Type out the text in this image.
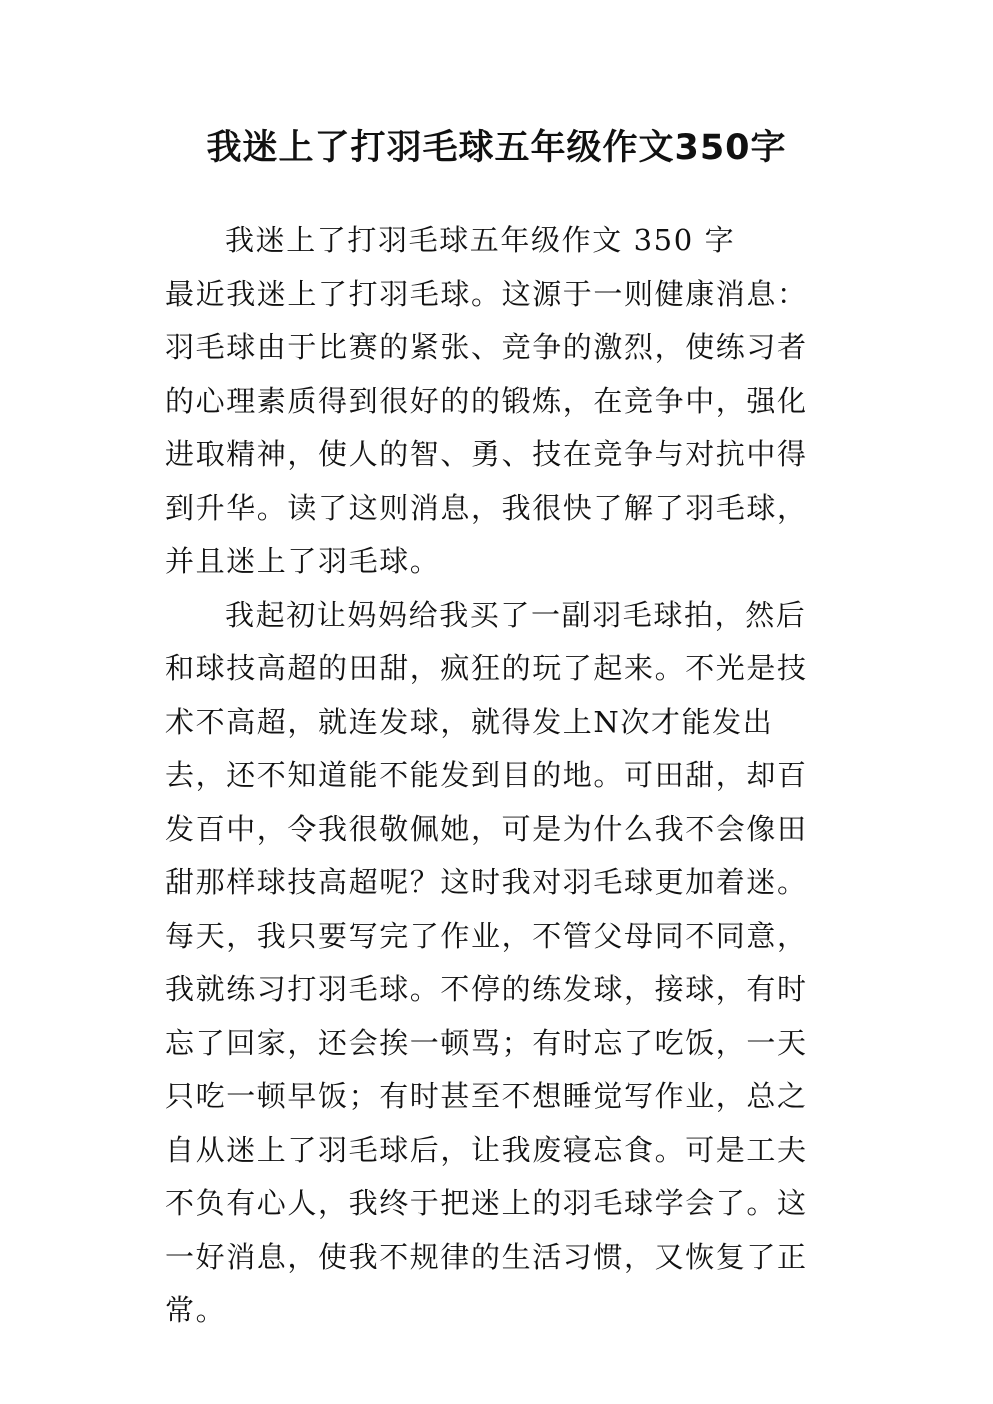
我迷上了打羽毛球五年级作文350字

我迷上了打羽毛球五年级作文 350 字

最近我迷上了打羽毛球。这源于一则健康消息：羽毛球由于比赛的紧张、竞争的激烈，使练习者的心理素质得到很好的的锻炼，在竞争中，强化进取精神，使人的智、勇、技在竞争与对抗中得到升华。读了这则消息，我很快了解了羽毛球，并且迷上了羽毛球。

我起初让妈妈给我买了一副羽毛球拍，然后和球技高超的田甜，疯狂的玩了起来。不光是技术不高超，就连发球，就得发上N次才能发出去，还不知道能不能发到目的地。可田甜，却百发百中，令我很敬佩她，可是为什么我不会像田甜那样球技高超呢？这时我对羽毛球更加着迷。每天，我只要写完了作业，不管父母同不同意，我就练习打羽毛球。不停的练发球，接球，有时忘了回家，还会挨一顿骂；有时忘了吃饭，一天只吃一顿早饭；有时甚至不想睡觉写作业，总之自从迷上了羽毛球后，让我废寝忘食。可是工夫不负有心人，我终于把迷上的羽毛球学会了。这一好消息，使我不规律的生活习惯，又恢复了正常。
